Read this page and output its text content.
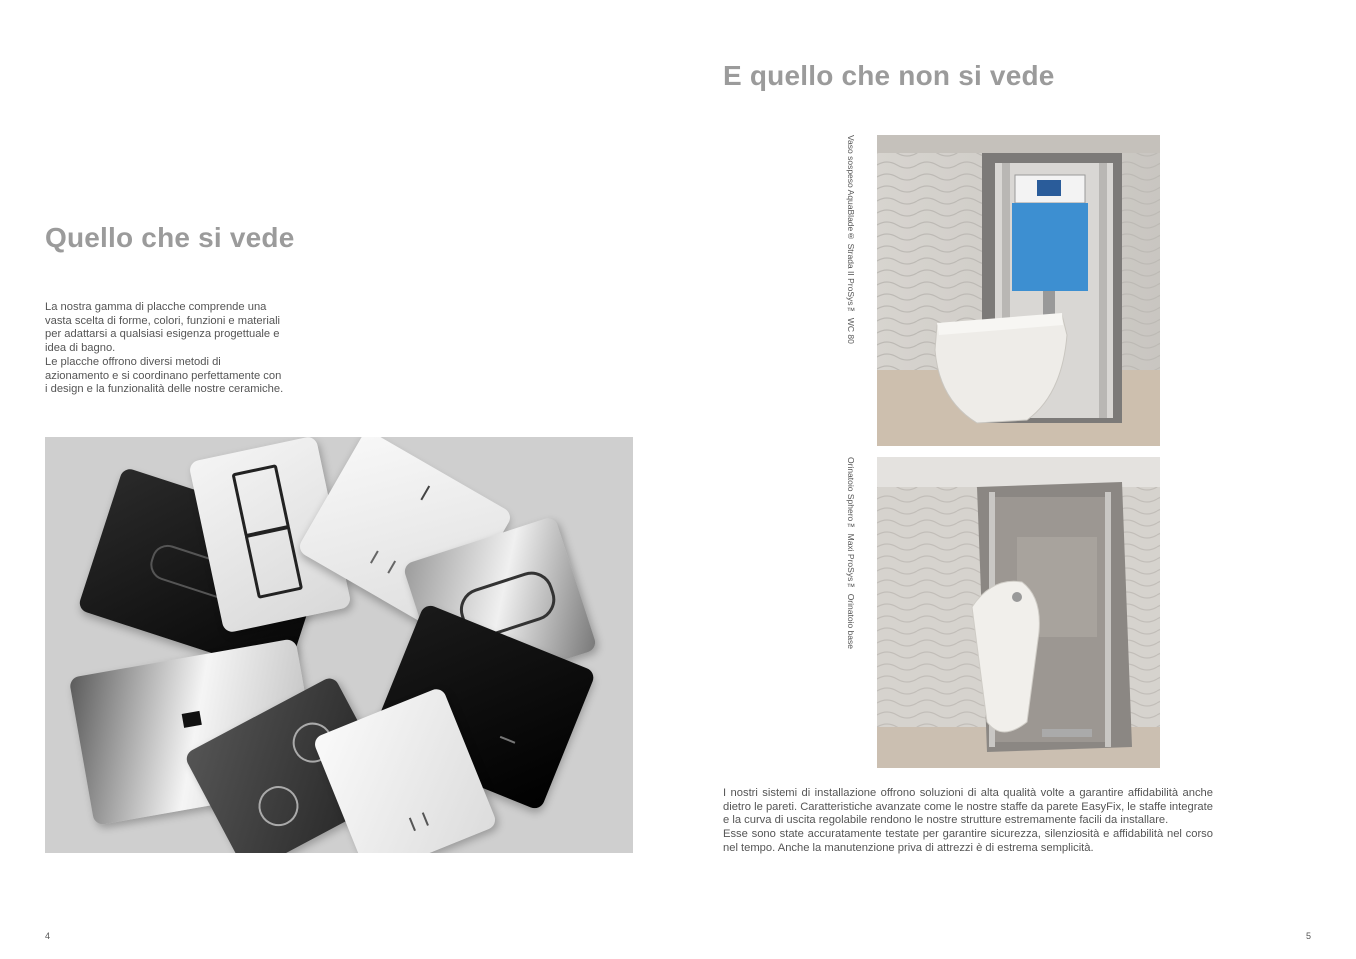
Quello che si vede

La nostra gamma di placche comprende una vasta scelta di forme, colori, funzioni e materiali per adattarsi a qualsiasi esigenza progettuale e idea di bagno.

Le placche offrono diversi metodi di azionamento e si coordinano perfettamente con i design e la funzionalità delle nostre ceramiche.

4

E quello che non si vede

Vaso sospeso AquaBlade® Strada II ProSys™ WC 80

Orinatoio Sphero™ Maxi ProSys™ Orinatoio base

I nostri sistemi di installazione offrono soluzioni di alta qualità volte a garantire affidabilità anche dietro le pareti. Caratteristiche avanzate come le nostre staffe da parete EasyFix, le staffe integrate e la curva di uscita regolabile rendono le nostre strutture estremamente facili da installare.

Esse sono state accuratamente testate per garantire sicurezza, silenziosità e affidabilità nel corso nel tempo. Anche la manutenzione priva di attrezzi è di estrema semplicità.

5
